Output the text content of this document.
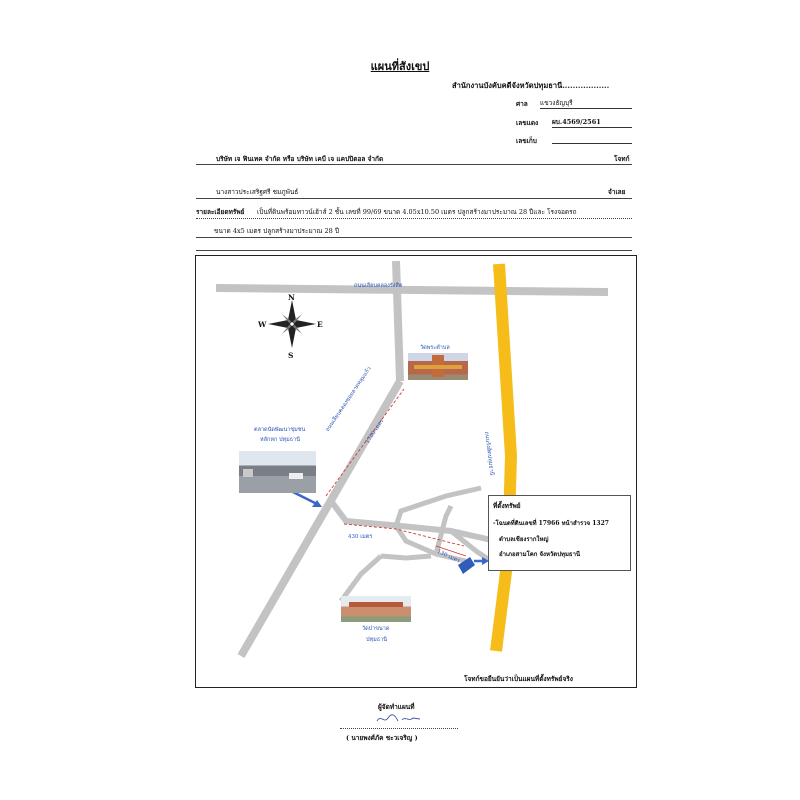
แผนที่สังเขป
สำนักงานบังคับคดีจังหวัดปทุมธานี..................
ศาล แขวงธัญบุรี
เลขแดง ผบ.4569/2561
เลขเก็บ
บริษัท เจ ฟินเทค จำกัด หรือ บริษัท เคบี เจ แคปปิตอล จำกัด	โจทก์
นางสาวประเสริฐศรี ชมภูพันธ์	จำเลย
รายละเอียดทรัพย์ เป็นที่ดินพร้อมทาวน์เฮ้าส์ 2 ชั้น เลขที่ 99/69 ขนาด 4.05x10.50 เมตร ปลูกสร้างมาประมาณ 28 ปีและ โรงจอดรถ
ขนาด 4x5 เมตร ปลูกสร้างมาประมาณ 28 ปี
N
S
E
W
ถนนเลียบคลองรังสิต
ถนนเลียบคลองซอยลาดหลุมแก้ว
ถนนรังสิตปทุมธานี
1700 เมตร
430 เมตร
130 เมตร
วัดพระตำบล
ตลาดนัดพัฒนาชุมชน
หลักหก ปทุมธานี
วัดป่าขนาด
ปทุมธานี
ที่ตั้งทรัพย์
-โฉนดที่ดินเลขที่ 17966 หน้าสำรวจ 1327
ตำบลเชียงรากใหญ่
อำเภอสามโคก จังหวัดปทุมธานี
โจทก์ขอยืนยันว่าเป็นแผนที่ตั้งทรัพย์จริง
ผู้จัดทำแผนที่
( นายพงศ์ภัค ชะวเจริญ )
